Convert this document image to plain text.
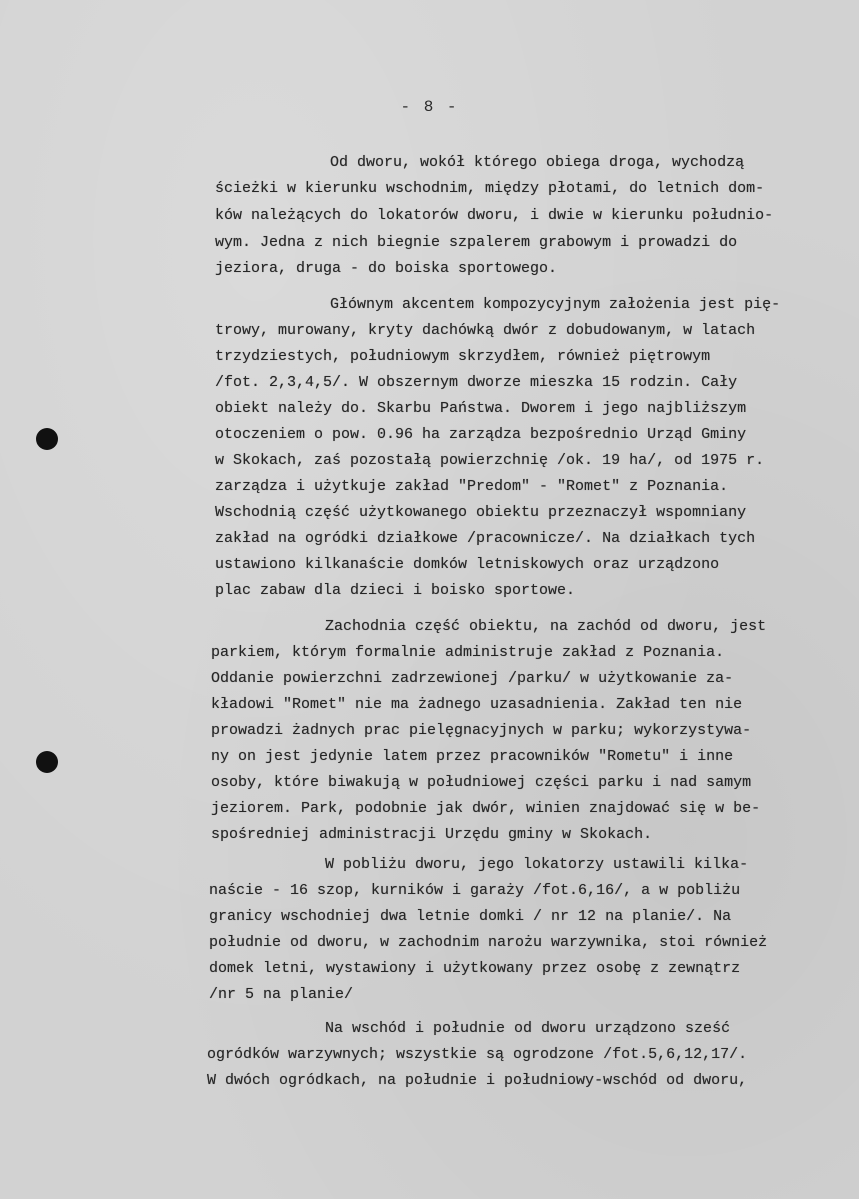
- 8 -
Od dworu, wokół którego obiega droga, wychodzą
ścieżki w kierunku wschodnim, między płotami, do letnich dom-
ków należących do lokatorów dworu, i dwie w kierunku południo-
wym. Jedna z nich biegnie szpalerem grabowym i prowadzi do
jeziora, druga - do boiska sportowego.
Głównym akcentem kompozycyjnym założenia jest pię-
trowy, murowany, kryty dachówką dwór z dobudowanym, w latach
trzydziestych, południowym skrzydłem, również piętrowym
/fot. 2,3,4,5/. W obszernym dworze mieszka 15 rodzin. Cały
obiekt należy do. Skarbu Państwa. Dworem i jego najbliższym
otoczeniem o pow. 0.96 ha zarządza bezpośrednio Urząd Gminy
w Skokach, zaś pozostałą powierzchnię /ok. 19 ha/, od 1975 r.
zarządza i użytkuje zakład "Predom" - "Romet" z Poznania.
Wschodnią część użytkowanego obiektu przeznaczył wspomniany
zakład na ogródki działkowe /pracownicze/. Na działkach tych
ustawiono kilkanaście domków letniskowych oraz urządzono
plac zabaw dla dzieci i boisko sportowe.
Zachodnia część obiektu, na zachód od dworu, jest
parkiem, którym formalnie administruje zakład z Poznania.
Oddanie powierzchni zadrzewionej /parku/ w użytkowanie za-
kładowi "Romet" nie ma żadnego uzasadnienia. Zakład ten nie
prowadzi żadnych prac pielęgnacyjnych w parku; wykorzystywa-
ny on jest jedynie latem przez pracowników "Rometu" i inne
osoby, które biwakują w południowej części parku i nad samym
jeziorem. Park, podobnie jak dwór, winien znajdować się w be-
spośredniej administracji Urzędu gminy w Skokach.
W pobliżu dworu, jego lokatorzy ustawili kilka-
naście - 16 szop, kurników i garaży /fot.6,16/, a w pobliżu
granicy wschodniej dwa letnie domki / nr 12 na planie/. Na
południe od dworu, w zachodnim narożu warzywnika, stoi również
domek letni, wystawiony i użytkowany przez osobę z zewnątrz
/nr 5 na planie/
Na wschód i południe od dworu urządzono sześć
ogródków warzywnych; wszystkie są ogrodzone /fot.5,6,12,17/.
W dwóch ogródkach, na południe i południowy-wschód od dworu,
